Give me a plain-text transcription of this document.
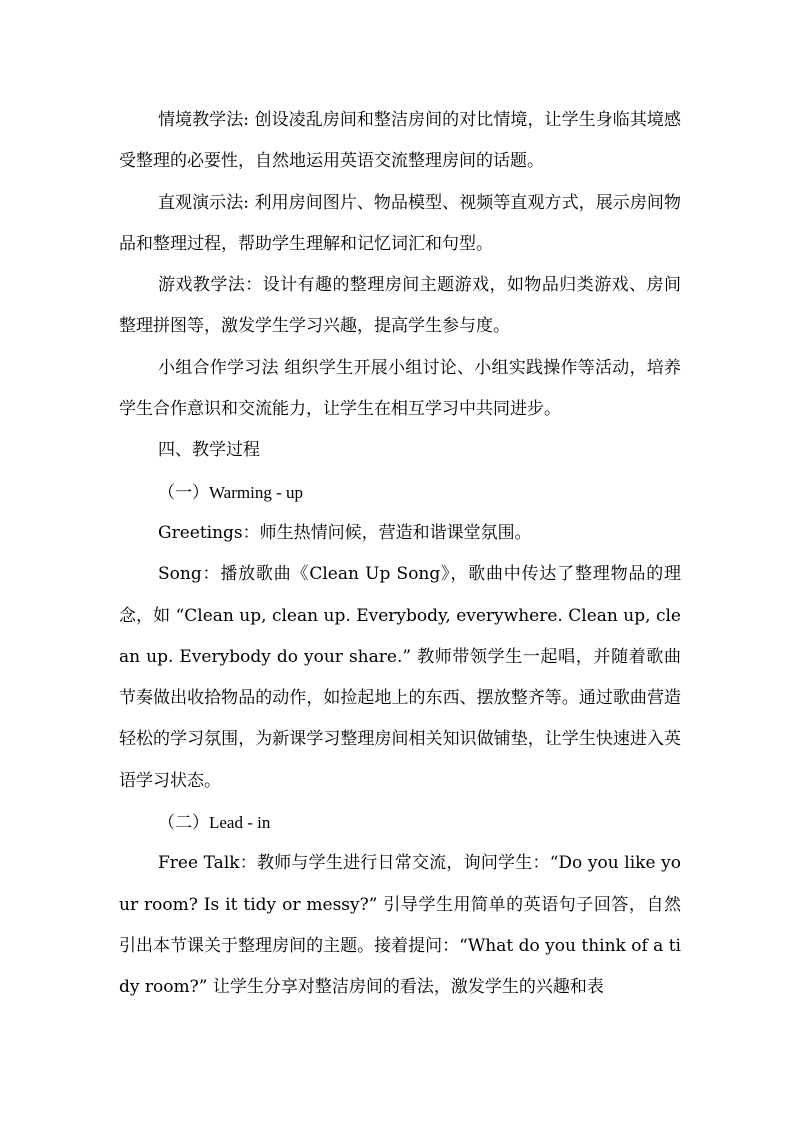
情境教学法: 创设凌乱房间和整洁房间的对比情境，让学生身临其境感受整理的必要性，自然地运用英语交流整理房间的话题。

直观演示法: 利用房间图片、物品模型、视频等直观方式，展示房间物品和整理过程，帮助学生理解和记忆词汇和句型。

游戏教学法：设计有趣的整理房间主题游戏，如物品归类游戏、房间整理拼图等，激发学生学习兴趣，提高学生参与度。

小组合作学习法 组织学生开展小组讨论、小组实践操作等活动，培养学生合作意识和交流能力，让学生在相互学习中共同进步。

四、教学过程

（一）Warming - up

Greetings：师生热情问候，营造和谐课堂氛围。

Song：播放歌曲《Clean Up Song》，歌曲中传达了整理物品的理念，如 “Clean up, clean up. Everybody, everywhere. Clean up, clean up. Everybody do your share.” 教师带领学生一起唱，并随着歌曲节奏做出收拾物品的动作，如捡起地上的东西、摆放整齐等。通过歌曲营造轻松的学习氛围，为新课学习整理房间相关知识做铺垫，让学生快速进入英语学习状态。

（二）Lead - in

Free Talk：教师与学生进行日常交流，询问学生：“Do you like your room? Is it tidy or messy?” 引导学生用简单的英语句子回答，自然引出本节课关于整理房间的主题。接着提问：“What do you think of a tidy room?” 让学生分享对整洁房间的看法，激发学生的兴趣和表
